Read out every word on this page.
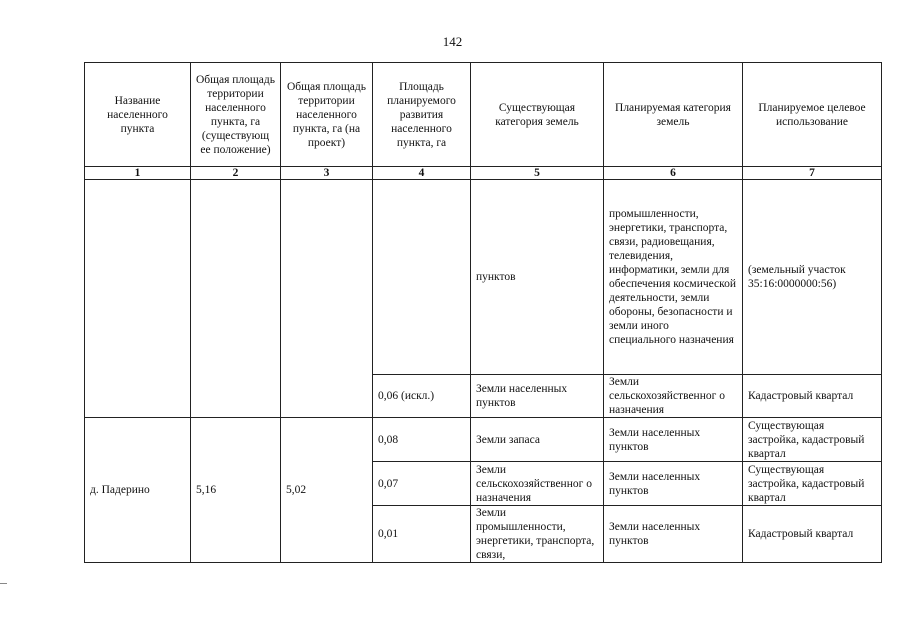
142
Название населенного пункта	Общая площадь территории населенного пункта, га (существующ ее положение)	Общая площадь территории населенного пункта, га (на проект)	Площадь планируемого развития населенного пункта, га	Существующая категория земель	Планируемая категория земель	Планируемое целевое использование
1	2	3	4	5	6	7
				пунктов	промышленности, энергетики, транспорта, связи, радиовещания, телевидения, информатики, земли для обеспечения космической деятельности, земли обороны, безопасности и земли иного специального назначения	(земельный участок 35:16:0000000:56)
			0,06 (искл.)	Земли населенных пунктов	Земли сельскохозяйственног о назначения	Кадастровый квартал
д. Падерино	5,16	5,02	0,08	Земли запаса	Земли населенных пунктов	Существующая застройка, кадастровый квартал
			0,07	Земли сельскохозяйственног о назначения	Земли населенных пунктов	Существующая застройка, кадастровый квартал
			0,01	Земли промышленности, энергетики, транспорта, связи,	Земли населенных пунктов	Кадастровый квартал
